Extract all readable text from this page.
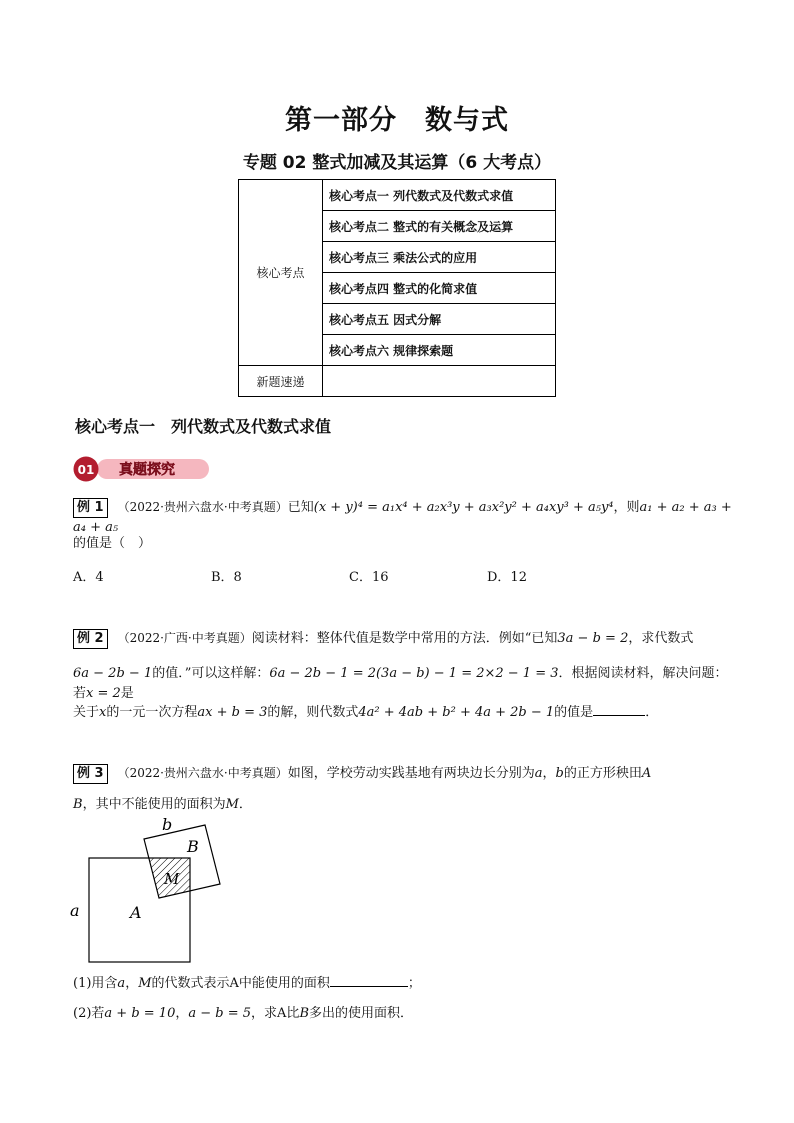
第一部分　数与式
专题 02 整式加减及其运算（6 大考点）
核心考点	核心考点一 列代数式及代数式求值
	核心考点二 整式的有关概念及运算
	核心考点三 乘法公式的应用
	核心考点四 整式的化简求值
	核心考点五 因式分解
	核心考点六 规律探索题
新题速递	
核心考点一　列代数式及代数式求值
01 真题探究
例 1 （2022·贵州六盘水·中考真题）已知(x + y)⁴ = a₁x⁴ + a₂x³y + a₃x²y² + a₄xy³ + a₅y⁴，则a₁ + a₂ + a₃ + a₄ + a₅
的值是（　）
A．4	B．8	C．16	D．12
例 2 （2022·广西·中考真题）阅读材料：整体代值是数学中常用的方法．例如“已知3a − b = 2，求代数式
6a − 2b − 1的值．”可以这样解：6a − 2b − 1 = 2(3a − b) − 1 = 2×2 − 1 = 3．根据阅读材料，解决问题：若x = 2是
关于x的一元一次方程ax + b = 3的解，则代数式4a² + 4ab + b² + 4a + 2b − 1的值是	．
例 3 （2022·贵州六盘水·中考真题）如图，学校劳动实践基地有两块边长分别为a，b的正方形秧田A
B，其中不能使用的面积为M．
a
b
A
B
M
(1)用含a，M的代数式表示A中能使用的面积	；
(2)若a + b = 10，a − b = 5，求A比B多出的使用面积．
